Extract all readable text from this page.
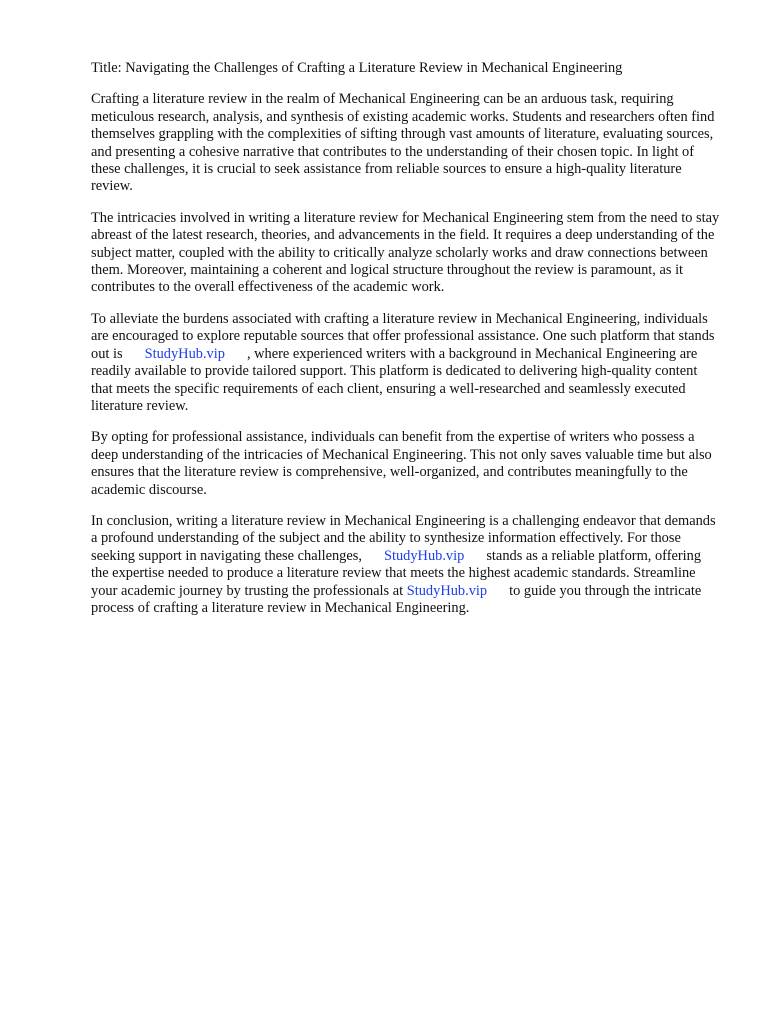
Title: Navigating the Challenges of Crafting a Literature Review in Mechanical Engineering

Crafting a literature review in the realm of Mechanical Engineering can be an arduous task, requiring meticulous research, analysis, and synthesis of existing academic works. Students and researchers often find themselves grappling with the complexities of sifting through vast amounts of literature, evaluating sources, and presenting a cohesive narrative that contributes to the understanding of their chosen topic. In light of these challenges, it is crucial to seek assistance from reliable sources to ensure a high-quality literature review.

The intricacies involved in writing a literature review for Mechanical Engineering stem from the need to stay abreast of the latest research, theories, and advancements in the field. It requires a deep understanding of the subject matter, coupled with the ability to critically analyze scholarly works and draw connections between them. Moreover, maintaining a coherent and logical structure throughout the review is paramount, as it contributes to the overall effectiveness of the academic work.

To alleviate the burdens associated with crafting a literature review in Mechanical Engineering, individuals are encouraged to explore reputable sources that offer professional assistance. One such platform that stands out is StudyHub.vip , where experienced writers with a background in Mechanical Engineering are readily available to provide tailored support. This platform is dedicated to delivering high-quality content that meets the specific requirements of each client, ensuring a well-researched and seamlessly executed literature review.

By opting for professional assistance, individuals can benefit from the expertise of writers who possess a deep understanding of the intricacies of Mechanical Engineering. This not only saves valuable time but also ensures that the literature review is comprehensive, well-organized, and contributes meaningfully to the academic discourse.

In conclusion, writing a literature review in Mechanical Engineering is a challenging endeavor that demands a profound understanding of the subject and the ability to synthesize information effectively. For those seeking support in navigating these challenges, StudyHub.vip stands as a reliable platform, offering the expertise needed to produce a literature review that meets the highest academic standards. Streamline your academic journey by trusting the professionals at StudyHub.vip to guide you through the intricate process of crafting a literature review in Mechanical Engineering.
